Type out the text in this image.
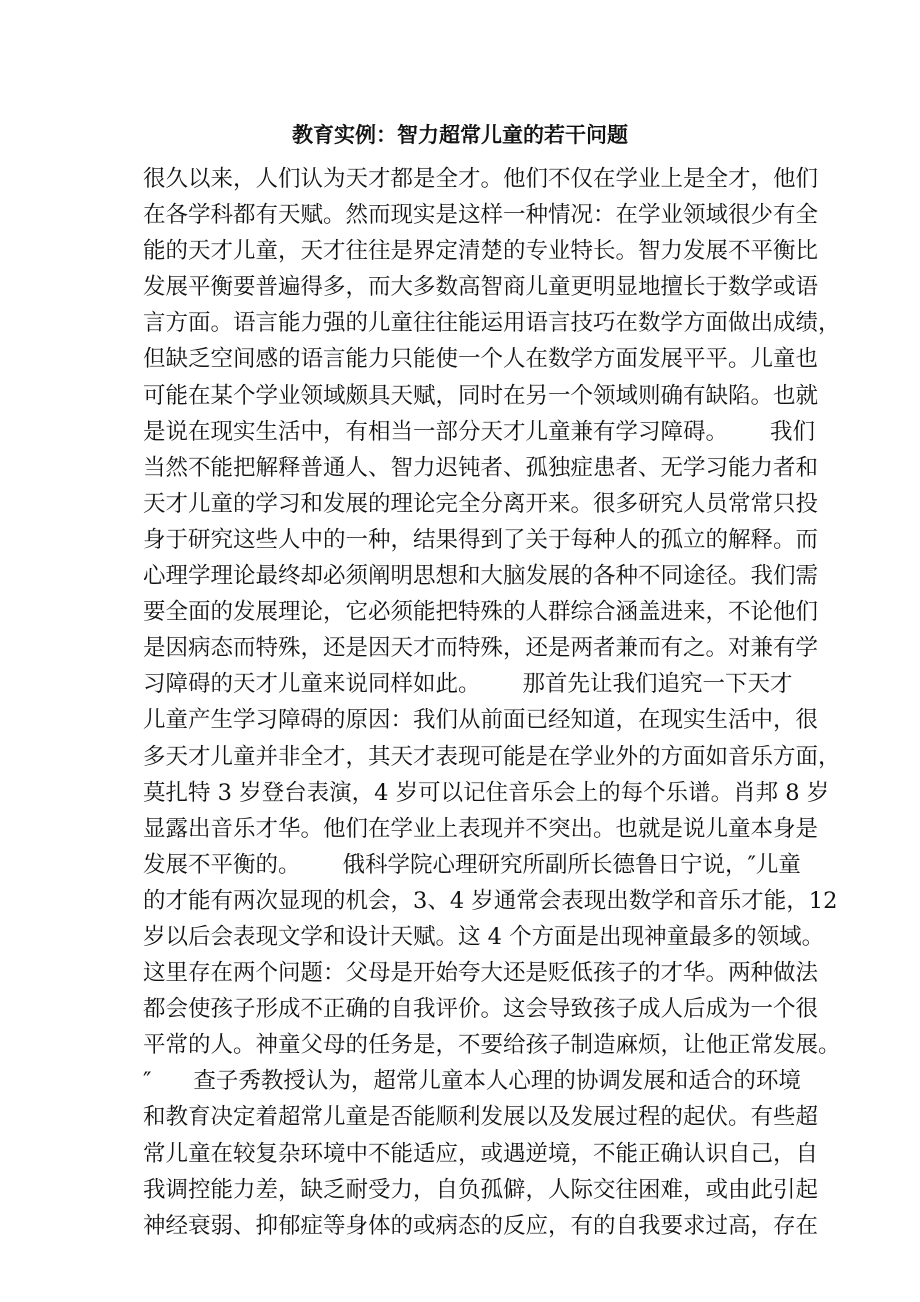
教育实例：智力超常儿童的若干问题
很久以来，人们认为天才都是全才。他们不仅在学业上是全才，他们
在各学科都有天赋。然而现实是这样一种情况：在学业领域很少有全
能的天才儿童，天才往往是界定清楚的专业特长。智力发展不平衡比
发展平衡要普遍得多，而大多数高智商儿童更明显地擅长于数学或语
言方面。语言能力强的儿童往往能运用语言技巧在数学方面做出成绩，
但缺乏空间感的语言能力只能使一个人在数学方面发展平平。儿童也
可能在某个学业领域颇具天赋，同时在另一个领域则确有缺陷。也就
是说在现实生活中，有相当一部分天才儿童兼有学习障碍。 我们
当然不能把解释普通人、智力迟钝者、孤独症患者、无学习能力者和
天才儿童的学习和发展的理论完全分离开来。很多研究人员常常只投
身于研究这些人中的一种，结果得到了关于每种人的孤立的解释。而
心理学理论最终却必须阐明思想和大脑发展的各种不同途径。我们需
要全面的发展理论，它必须能把特殊的人群综合涵盖进来，不论他们
是因病态而特殊，还是因天才而特殊，还是两者兼而有之。对兼有学
习障碍的天才儿童来说同样如此。 那首先让我们追究一下天才
儿童产生学习障碍的原因：我们从前面已经知道，在现实生活中，很
多天才儿童并非全才，其天才表现可能是在学业外的方面如音乐方面，
莫扎特 3 岁登台表演，4 岁可以记住音乐会上的每个乐谱。肖邦 8 岁
显露出音乐才华。他们在学业上表现并不突出。也就是说儿童本身是
发展不平衡的。 俄科学院心理研究所副所长德鲁日宁说，″儿童
的才能有两次显现的机会，3、4 岁通常会表现出数学和音乐才能，12
岁以后会表现文学和设计天赋。这 4 个方面是出现神童最多的领域。
这里存在两个问题：父母是开始夸大还是贬低孩子的才华。两种做法
都会使孩子形成不正确的自我评价。这会导致孩子成人后成为一个很
平常的人。神童父母的任务是，不要给孩子制造麻烦，让他正常发展。
″ 查子秀教授认为，超常儿童本人心理的协调发展和适合的环境
和教育决定着超常儿童是否能顺利发展以及发展过程的起伏。有些超
常儿童在较复杂环境中不能适应，或遇逆境，不能正确认识自己，自
我调控能力差，缺乏耐受力，自负孤僻，人际交往困难，或由此引起
神经衰弱、抑郁症等身体的或病态的反应，有的自我要求过高，存在
